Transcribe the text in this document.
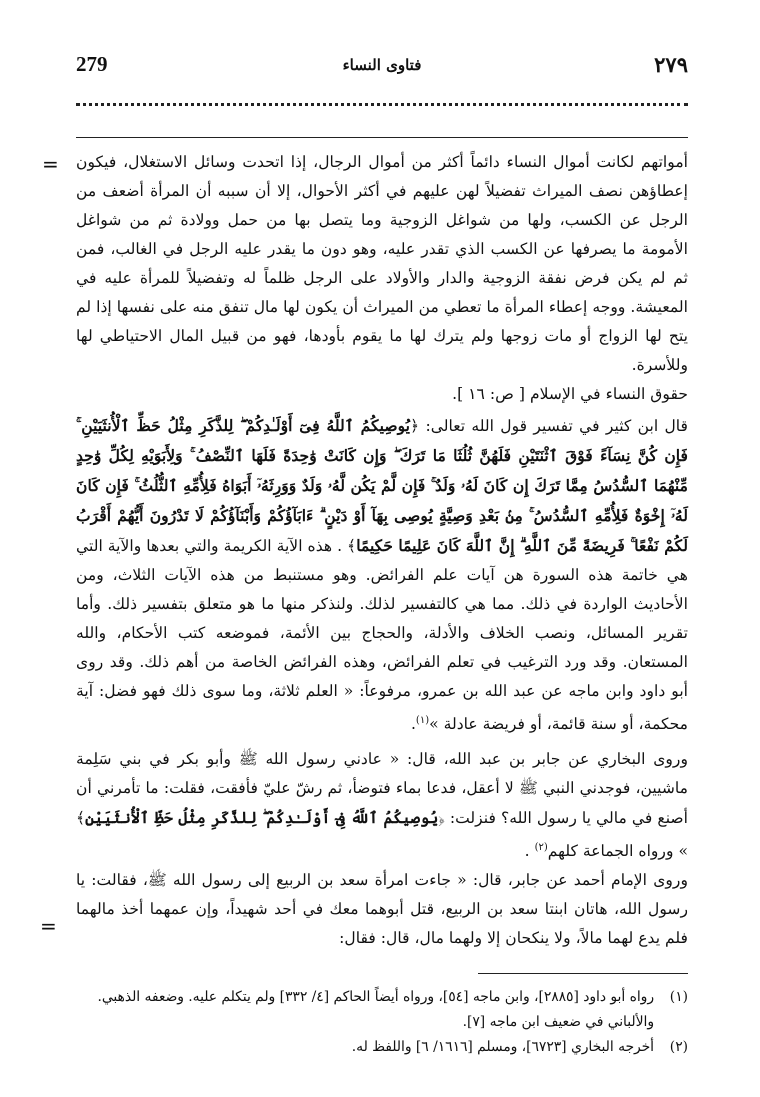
279	فتاوى النساء	٢٧٩
= أمواتهم لكانت أموال النساء دائماً أكثر من أموال الرجال، إذا اتحدت وسائل الاستغلال، فيكون إعطاؤهن نصف الميراث تفضيلاً لهن عليهم في أكثر الأحوال، إلا أن سببه أن المرأة أضعف من الرجل عن الكسب، ولها من شواغل الزوجية وما يتصل بها من حمل وولادة ثم من شواغل الأمومة ما يصرفها عن الكسب الذي تقدر عليه، وهو دون ما يقدر عليه الرجل في الغالب، فمن ثم لم يكن فرض نفقة الزوجية والدار والأولاد على الرجل ظلماً له وتفضيلاً للمرأة عليه في المعيشة. ووجه إعطاء المرأة ما تعطي من الميراث أن يكون لها مال تنفق منه على نفسها إذا لم يتح لها الزواج أو مات زوجها ولم يترك لها ما يقوم بأودها، فهو من قبيل المال الاحتياطي لها وللأسرة.

حقوق النساء في الإسلام [ ص: ١٦ ].

قال ابن كثير في تفسير قول الله تعالى: ﴿يُوصِيكُمُ ٱللَّهُ فِىٓ أَوْلَـٰدِكُمْ ۖ لِلذَّكَرِ مِثْلُ حَظِّ ٱلْأُنثَيَيْنِ ۚ فَإِن كُنَّ نِسَآءً فَوْقَ ٱثْنَتَيْنِ فَلَهُنَّ ثُلُثَا مَا تَرَكَ ۖ وَإِن كَانَتْ وَٰحِدَةً فَلَهَا ٱلنِّصْفُ ۚ وَلِأَبَوَيْهِ لِكُلِّ وَٰحِدٍ مِّنْهُمَا ٱلسُّدُسُ مِمَّا تَرَكَ إِن كَانَ لَهُۥ وَلَدٌ ۚ فَإِن لَّمْ يَكُن لَّهُۥ وَلَدٌ وَوَرِثَهُۥٓ أَبَوَاهُ فَلِأُمِّهِ ٱلثُّلُثُ ۚ فَإِن كَانَ لَهُۥٓ إِخْوَةٌ فَلِأُمِّهِ ٱلسُّدُسُ ۚ مِنۢ بَعْدِ وَصِيَّةٍ يُوصِى بِهَآ أَوْ دَيْنٍ ۗ ءَابَآؤُكُمْ وَأَبْنَآؤُكُمْ لَا تَدْرُونَ أَيُّهُمْ أَقْرَبُ لَكُمْ نَفْعًا ۚ فَرِيضَةً مِّنَ ٱللَّهِ ۗ إِنَّ ٱللَّهَ كَانَ عَلِيمًا حَكِيمًا﴾ . هذه الآية الكريمة والتي بعدها والآية التي هي خاتمة هذه السورة هن آيات علم الفرائض. وهو مستنبط من هذه الآيات الثلاث، ومن الأحاديث الواردة في ذلك. مما هي كالتفسير لذلك. ولنذكر منها ما هو متعلق بتفسير ذلك. وأما تقرير المسائل، ونصب الخلاف والأدلة، والحجاج بين الأئمة، فموضعه كتب الأحكام، والله المستعان. وقد ورد الترغيب في تعلم الفرائض، وهذه الفرائض الخاصة من أهم ذلك. وقد روى أبو داود وابن ماجه عن عبد الله بن عمرو، مرفوعاً: « العلم ثلاثة، وما سوى ذلك فهو فضل: آية محكمة، أو سنة قائمة، أو فريضة عادلة »$^{(١)}$.

وروى البخاري عن جابر بن عبد الله، قال: « عادني رسول الله ﷺ وأبو بكر في بني سَلِمة ماشيين، فوجدني النبي ﷺ لا أعقل، فدعا بماء فتوضأ، ثم رشّ عليّ فأفقت، فقلت: ما تأمرني أن أصنع في مالي يا رسول الله؟ فنزلت: ﴿يُوصِيكُمُ ٱللَّهُ فِىٓ أَوْلَـٰدِكُمْ ۖ لِلذَّكَرِ مِثْلُ حَظِّ ٱلْأُنثَيَيْنِ﴾ » ورواه الجماعة كلهم$^{(٢)}$ .

وروى الإمام أحمد عن جابر، قال: « جاءت امرأة سعد بن الربيع إلى رسول الله ﷺ، فقالت: يا رسول الله، هاتان ابنتا سعد بن الربيع، قتل أبوهما معك في أحد شهيداً، وإن عمهما أخذ مالهما فلم يدع لهما مالاً، ولا ينكحان إلا ولهما مال، قال: فقال:

=

(١)
رواه أبو داود [٢٨٨٥]، وابن ماجه [٥٤]، ورواه أيضاً الحاكم [٤/ ٣٣٢] ولم يتكلم عليه. وضعفه الذهبي. والألباني في ضعيف ابن ماجه [٧].

(٢)
أخرجه البخاري [٦٧٢٣]، ومسلم [١٦١٦/ ٦] واللفظ له.
